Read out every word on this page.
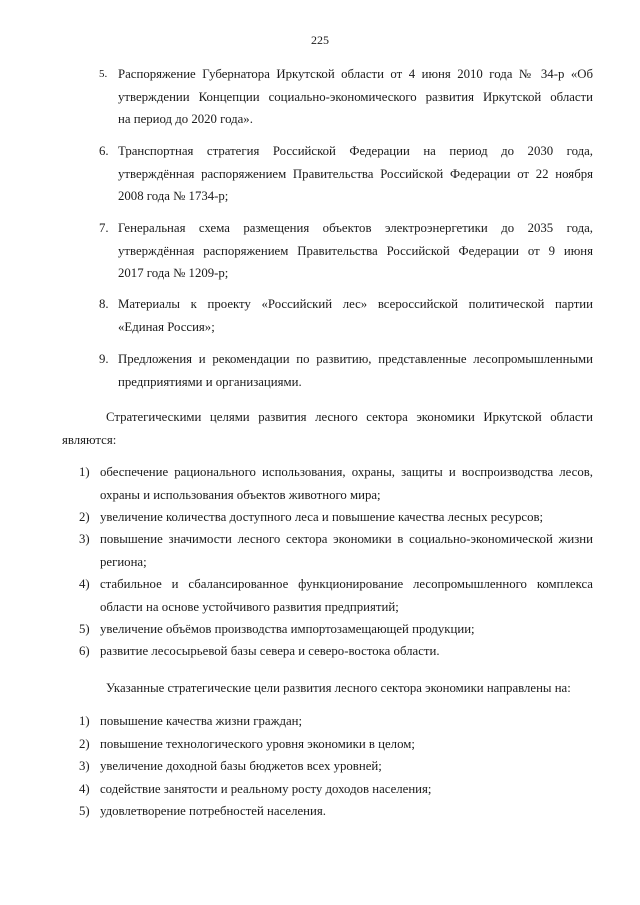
225
5. Распоряжение Губернатора Иркутской области от 4 июня 2010 года № 34-р «Об
утверждении Концепции социально-экономического развития Иркутской области
на период до 2020 года».
6. Транспортная стратегия Российской Федерации на период до 2030 года,
утверждённая распоряжением Правительства Российской Федерации от 22 ноября
2008 года № 1734-р;
7. Генеральная схема размещения объектов электроэнергетики до 2035 года,
утверждённая распоряжением Правительства Российской Федерации от 9 июня
2017 года № 1209-р;
8. Материалы к проекту «Российский лес» всероссийской политической партии
«Единая Россия»;
9. Предложения и рекомендации по развитию, представленные лесопромышленными
предприятиями и организациями.
Стратегическими целями развития лесного сектора экономики Иркутской области
являются:
1) обеспечение рационального использования, охраны, защиты и воспроизводства лесов,
охраны и использования объектов животного мира;
2) увеличение количества доступного леса и повышение качества лесных ресурсов;
3) повышение значимости лесного сектора экономики в социально-экономической жизни
региона;
4) стабильное и сбалансированное функционирование лесопромышленного комплекса
области на основе устойчивого развития предприятий;
5) увеличение объёмов производства импортозамещающей продукции;
6) развитие лесосырьевой базы севера и северо-востока области.
Указанные стратегические цели развития лесного сектора экономики направлены на:
1) повышение качества жизни граждан;
2) повышение технологического уровня экономики в целом;
3) увеличение доходной базы бюджетов всех уровней;
4) содействие занятости и реальному росту доходов населения;
5) удовлетворение потребностей населения.
